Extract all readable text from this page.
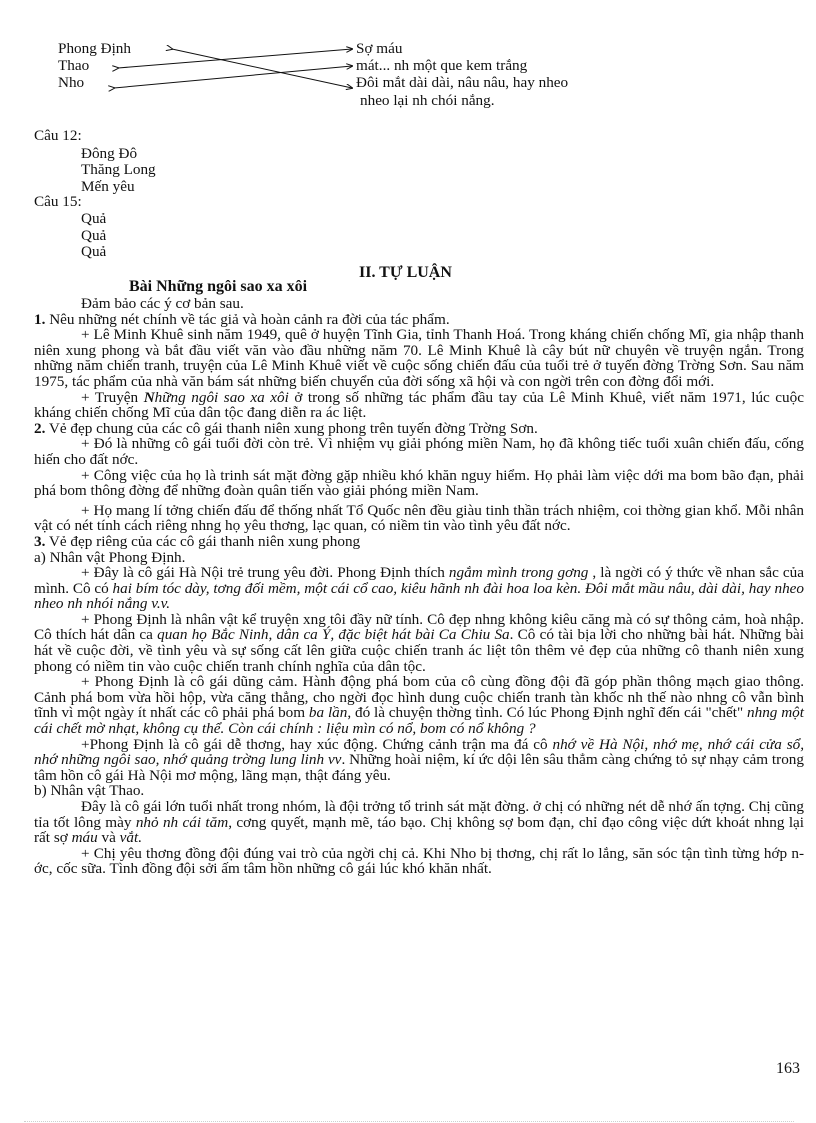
Phong Định
Thao
Nho
Sợ máu
mát... nh một que kem trắng
Đôi mắt dài dài, nâu nâu, hay nheo
nheo lại nh chói nắng.
Câu 12:
Đông Đô
Thăng Long
Mến yêu
Câu 15:
Quả
Quả
Quả
II. TỰ LUẬN
Bài Những ngôi sao xa xôi
Đảm bảo các ý cơ bản sau.
1. Nêu những nét chính về tác giả và hoàn cảnh ra đời của tác phẩm.
+ Lê Minh Khuê sinh năm 1949, quê ở huyện Tĩnh Gia, tỉnh Thanh Hoá. Trong kháng chiến chống Mĩ, gia nhập thanh niên xung phong và bắt đầu viết văn vào đầu những năm 70. Lê Minh Khuê là cây bút nữ chuyên về truyện ngắn. Trong những năm chiến tranh, truyện của Lê Minh Khuê viết về cuộc sống chiến đấu của tuổi trẻ ở tuyến đờng Trờng Sơn. Sau năm 1975, tác phẩm của nhà văn bám sát những biến chuyển của đời sống xã hội và con ngời trên con đờng đổi mới.
+ Truyện Những ngôi sao xa xôi ở trong số những tác phẩm đầu tay của Lê Minh Khuê, viết năm 1971, lúc cuộc kháng chiến chống Mĩ của dân tộc đang diễn ra ác liệt.
2. Vẻ đẹp chung của các cô gái thanh niên xung phong trên tuyến đờng Trờng Sơn.
+ Đó là những cô gái tuổi đời còn trẻ. Vì nhiệm vụ giải phóng miền Nam, họ đã không tiếc tuổi xuân chiến đấu, cống hiến cho đất nớc.
+ Công việc của họ là trinh sát mặt đờng gặp nhiều khó khăn nguy hiểm. Họ phải làm việc dới ma bom bão đạn, phải phá bom thông đờng để những đoàn quân tiến vào giải phóng miền Nam.
+ Họ mang lí tởng chiến đấu để thống nhất Tổ Quốc nên đều giàu tinh thần trách nhiệm, coi thờng gian khổ. Mỗi nhân vật có nét tính cách riêng nhng họ yêu thơng, lạc quan, có niềm tin vào tình yêu đất nớc.
3. Vẻ đẹp riêng của các cô gái thanh niên xung phong
a) Nhân vật Phong Định.
+ Đây là cô gái Hà Nội trẻ trung yêu đời. Phong Định thích ngắm mình trong gơng , là ngời có ý thức về nhan sắc của mình. Cô có hai bím tóc dày, tơng đối mềm, một cái cổ cao, kiêu hãnh nh đài hoa loa kèn. Đôi mắt mầu nâu, dài dài, hay nheo nheo nh nhói nắng v.v.
+ Phong Định là nhân vật kể truyện xng tôi đầy nữ tính. Cô đẹp nhng không kiêu căng mà có sự thông cảm, hoà nhập. Cô thích hát dân ca quan họ Bắc Ninh, dân ca Ý, đặc biệt hát bài Ca Chiu Sa. Cô có tài bịa lời cho những bài hát. Những bài hát về cuộc đời, về tình yêu và sự sống cất lên giữa cuộc chiến tranh ác liệt tôn thêm vẻ đẹp của những cô thanh niên xung phong có niềm tin vào cuộc chiến tranh chính nghĩa của dân tộc.
+ Phong Định là cô gái dũng cảm. Hành động phá bom của cô cùng đồng đội đã góp phần thông mạch giao thông. Cảnh phá bom vừa hồi hộp, vừa căng thẳng, cho ngời đọc hình dung cuộc chiến tranh tàn khốc nh thế nào nhng cô vẫn bình tĩnh vì một ngày ít nhất các cô phải phá bom ba lần, đó là chuyện thờng tình. Có lúc Phong Định nghĩ đến cái "chết" nhng một cái chết mờ nhạt, không cụ thể. Còn cái chính : liệu mìn có nổ, bom có nổ không ?
+Phong Định là cô gái dễ thơng, hay xúc động. Chứng cảnh trận ma đá cô nhớ về Hà Nội, nhớ mẹ, nhớ cái cửa sổ, nhớ những ngôi sao, nhớ quảng trờng lung linh vv. Những hoài niệm, kí ức dội lên sâu thẳm càng chứng tỏ sự nhạy cảm trong tâm hồn cô gái Hà Nội mơ mộng, lãng mạn, thật đáng yêu.
b) Nhân vật Thao.
Đây là cô gái lớn tuổi nhất trong nhóm, là đội trởng tổ trinh sát mặt đờng. ở chị có những nét dễ nhớ ấn tợng. Chị cũng tỉa tốt lông mày nhỏ nh cái tăm, cơng quyết, mạnh mẽ, táo bạo. Chị không sợ bom đạn, chỉ đạo công việc dứt khoát nhng lại rất sợ máu và vắt.
+ Chị yêu thơng đồng đội đúng vai trò của ngời chị cả. Khi Nho bị thơng, chị rất lo lắng, săn sóc tận tình từng hớp nớc, cốc sữa. Tình đồng đội sởi ấm tâm hồn những cô gái lúc khó khăn nhất.
163
